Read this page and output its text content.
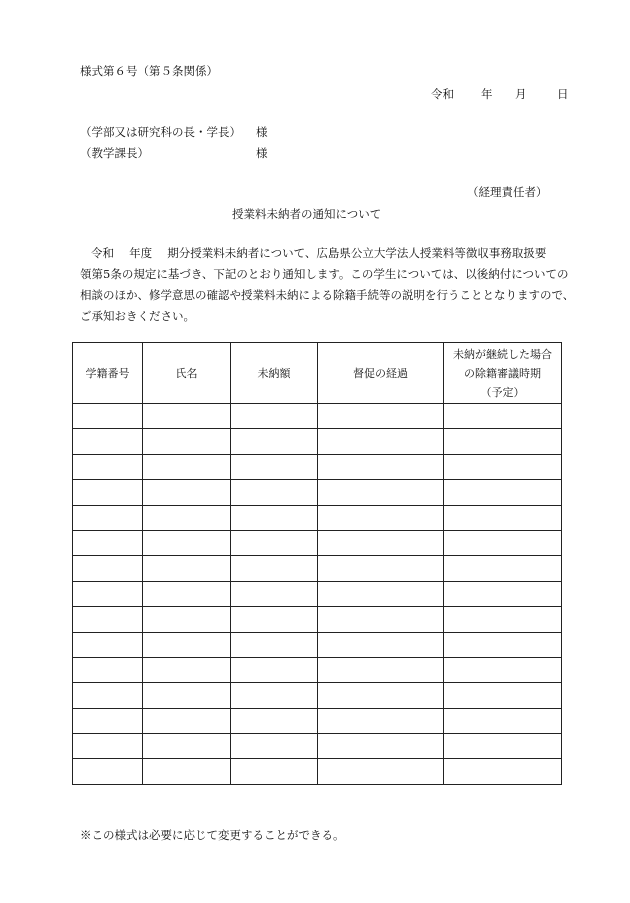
様式第６号（第５条関係）
令和 年 月	日
（学部又は研究科の長・学長） 様
（教学課長）	様
（経理責任者）
授業料未納者の通知について
令和　 年度　 期分授業料未納者について、広島県公立大学法人授業料等徴収事務取扱要
領第5条の規定に基づき、下記のとおり通知します。この学生については、以後納付についての
相談のほか、修学意思の確認や授業料未納による除籍手続等の説明を行うこととなりますので、
ご承知おきください。
学籍番号	氏名	未納額	督促の経過	未納が継続した場合
の除籍審議時期
（予定）

※この様式は必要に応じて変更することができる。
